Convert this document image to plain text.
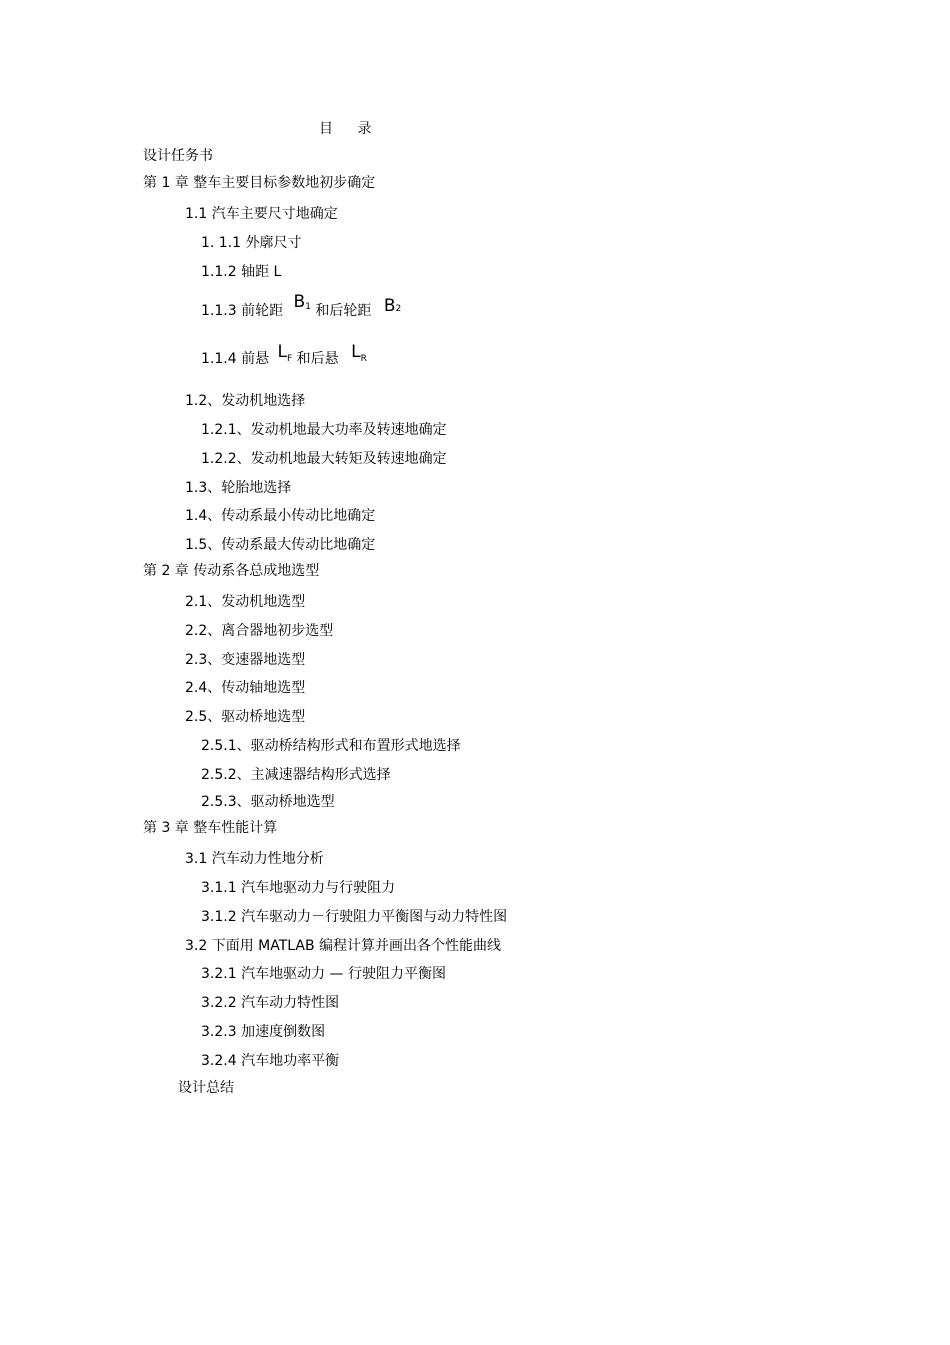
目 录
设计任务书
第 1 章 整车主要目标参数地初步确定
1.1 汽车主要尺寸地确定
1. 1.1 外廓尺寸
1.1.2 轴距 L
1.1.3 前轮距 $B^1$ 和后轮距 $B^2$
1.1.4 前悬 LF 和后悬 LR
1.2、发动机地选择
1.2.1、发动机地最大功率及转速地确定
1.2.2、发动机地最大转矩及转速地确定
1.3、轮胎地选择
1.4、传动系最小传动比地确定
1.5、传动系最大传动比地确定
第 2 章 传动系各总成地选型
2.1、发动机地选型
2.2、离合器地初步选型
2.3、变速器地选型
2.4、传动轴地选型
2.5、驱动桥地选型
2.5.1、驱动桥结构形式和布置形式地选择
2.5.2、主减速器结构形式选择
2.5.3、驱动桥地选型
第 3 章 整车性能计算
3.1 汽车动力性地分析
3.1.1 汽车地驱动力与行驶阻力
3.1.2 汽车驱动力－行驶阻力平衡图与动力特性图
3.2 下面用 MATLAB 编程计算并画出各个性能曲线
3.2.1 汽车地驱动力 — 行驶阻力平衡图
3.2.2 汽车动力特性图
3.2.3 加速度倒数图
3.2.4 汽车地功率平衡
设计总结
